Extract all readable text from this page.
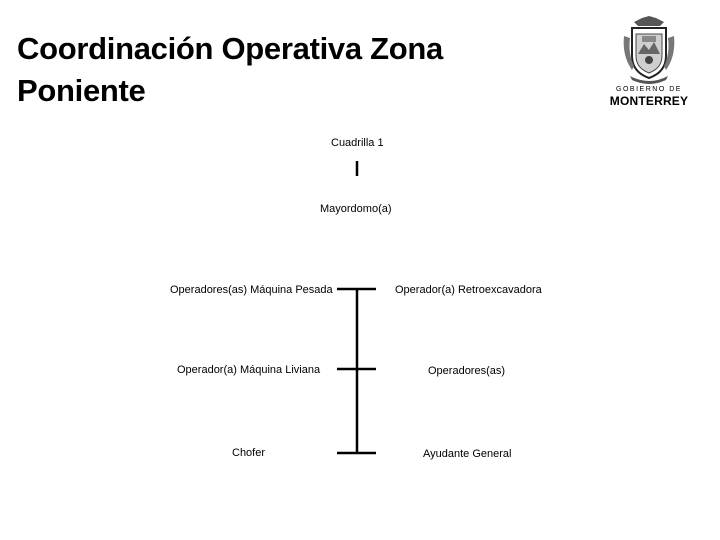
Coordinación Operativa Zona
Poniente	GOBIERNO DE
MONTERREY
Cuadrilla 1
Mayordomo(a)
Operadores(as) Máquina Pesada
Operador(a) Máquina Liviana
Chofer
Operador(a) Retroexcavadora
Operadores(as)
Ayudante General
